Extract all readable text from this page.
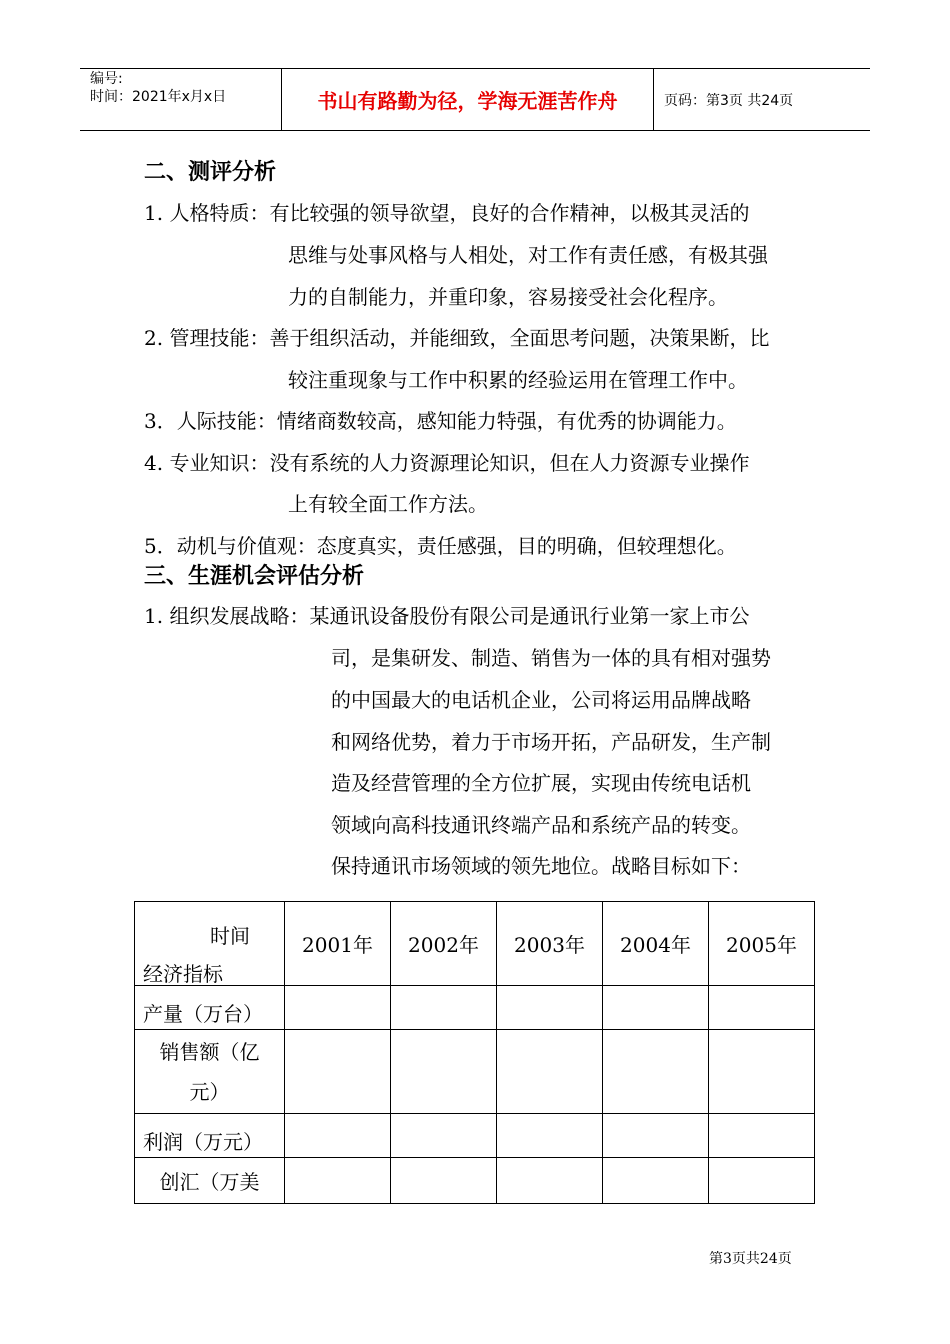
编号:
时间：2021年x月x日	书山有路勤为径，学海无涯苦作舟	页码：第3页 共24页
二、测评分析
1. 人格特质：有比较强的领导欲望，良好的合作精神，以极其灵活的
思维与处事风格与人相处，对工作有责任感，有极其强
力的自制能力，并重印象，容易接受社会化程序。
2. 管理技能：善于组织活动，并能细致，全面思考问题，决策果断，比
较注重现象与工作中积累的经验运用在管理工作中。
3．人际技能：情绪商数较高，感知能力特强，有优秀的协调能力。
4. 专业知识：没有系统的人力资源理论知识，但在人力资源专业操作
上有较全面工作方法。
5．动机与价值观：态度真实，责任感强，目的明确，但较理想化。
三、生涯机会评估分析
1. 组织发展战略：某通讯设备股份有限公司是通讯行业第一家上市公
司，是集研发、制造、销售为一体的具有相对强势
的中国最大的电话机企业，公司将运用品牌战略
和网络优势，着力于市场开拓，产品研发，生产制
造及经营管理的全方位扩展，实现由传统电话机
领域向高科技通讯终端产品和系统产品的转变。
保持通讯市场领域的领先地位。战略目标如下：
时间
经济指标	2001年	2002年	2003年	2004年	2005年
产量（万台）					

销售额（亿
元）					

利润（万元）					
创汇（万美					
第3页共24页
